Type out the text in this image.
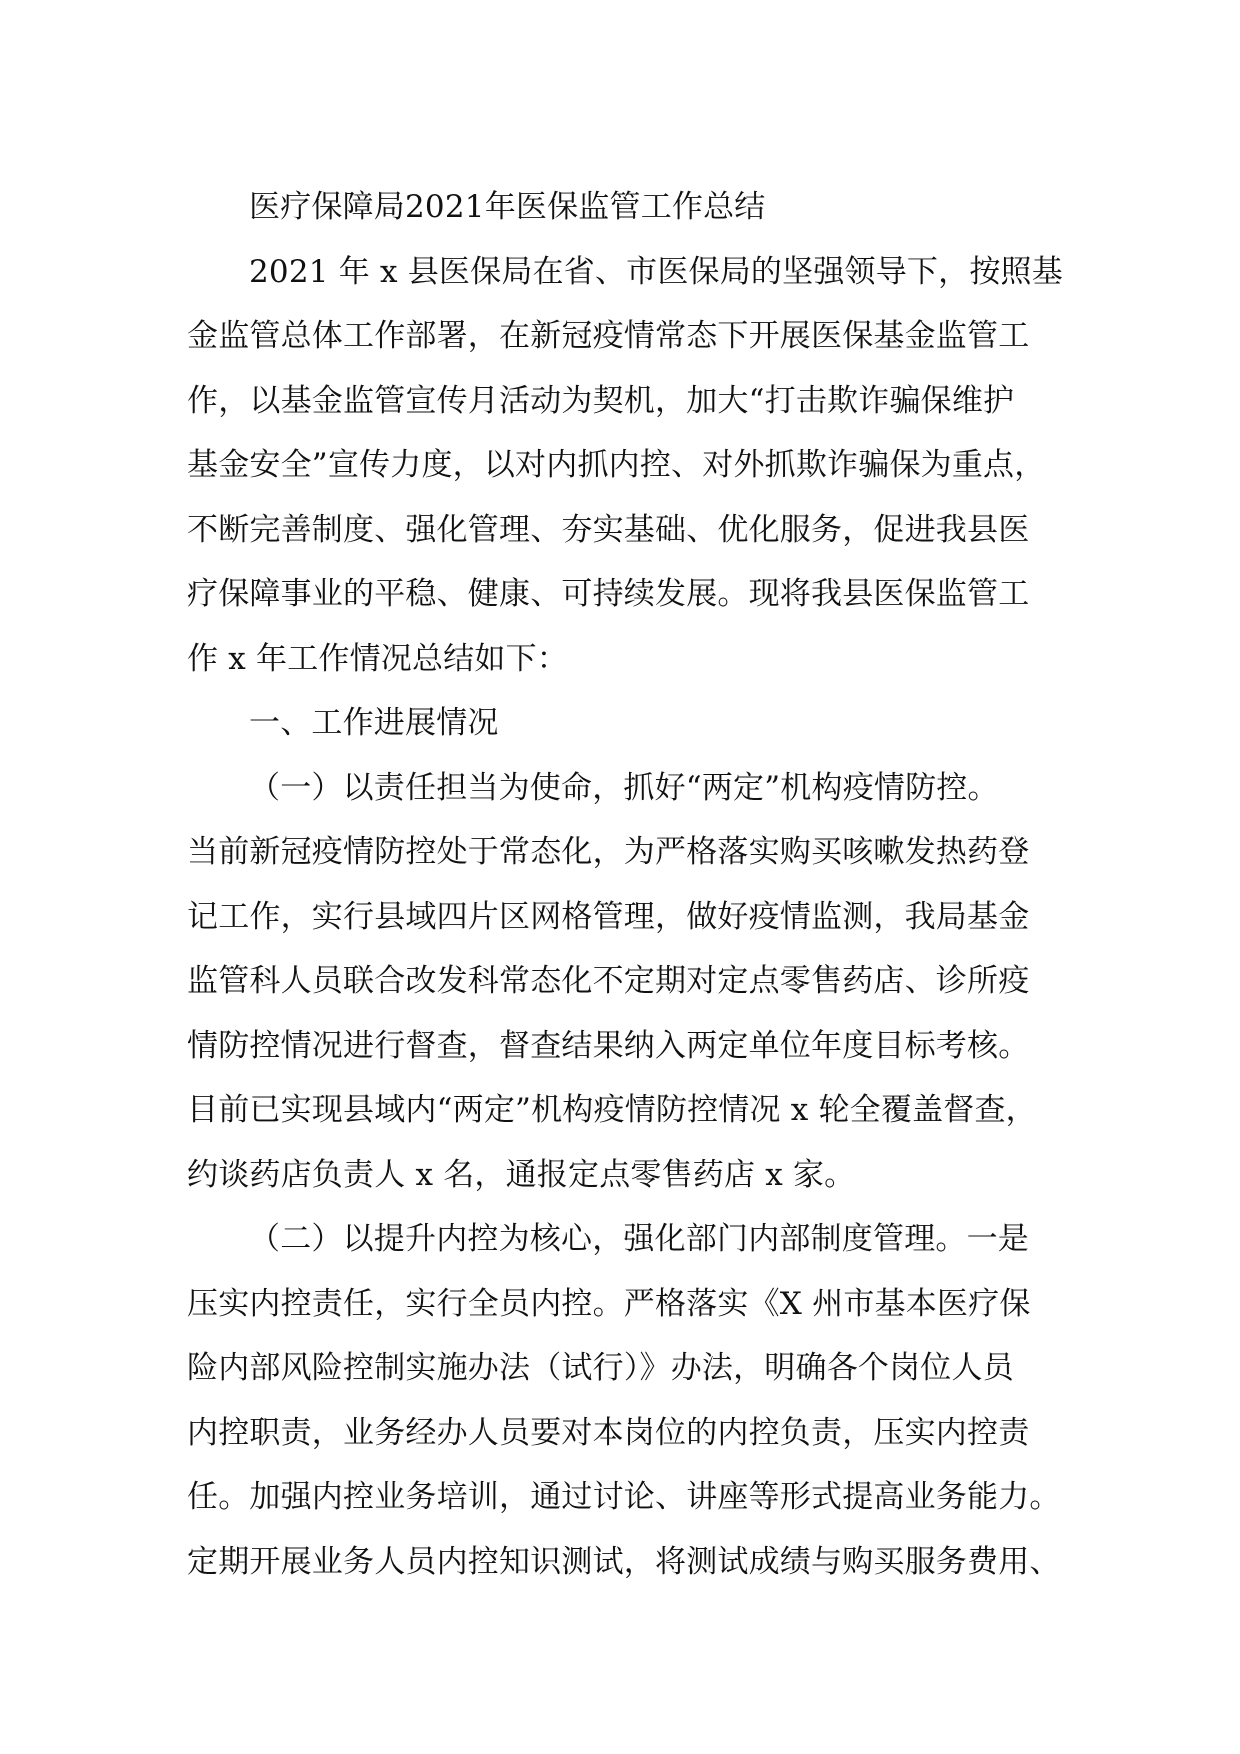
医疗保障局2021年医保监管工作总结
2021 年 x 县医保局在省、市医保局的坚强领导下，按照基
金监管总体工作部署，在新冠疫情常态下开展医保基金监管工
作，以基金监管宣传月活动为契机，加大“打击欺诈骗保维护
基金安全”宣传力度，以对内抓内控、对外抓欺诈骗保为重点，
不断完善制度、强化管理、夯实基础、优化服务，促进我县医
疗保障事业的平稳、健康、可持续发展。现将我县医保监管工
作 x 年工作情况总结如下：
一、工作进展情况
（一）以责任担当为使命，抓好“两定”机构疫情防控。
当前新冠疫情防控处于常态化，为严格落实购买咳嗽发热药登
记工作，实行县域四片区网格管理，做好疫情监测，我局基金
监管科人员联合改发科常态化不定期对定点零售药店、诊所疫
情防控情况进行督查，督查结果纳入两定单位年度目标考核。
目前已实现县域内“两定”机构疫情防控情况 x 轮全覆盖督查，
约谈药店负责人 x 名，通报定点零售药店 x 家。
（二）以提升内控为核心，强化部门内部制度管理。一是
压实内控责任，实行全员内控。严格落实《X 州市基本医疗保
险内部风险控制实施办法（试行）》办法，明确各个岗位人员
内控职责，业务经办人员要对本岗位的内控负责，压实内控责
任。加强内控业务培训，通过讨论、讲座等形式提高业务能力。
定期开展业务人员内控知识测试，将测试成绩与购买服务费用、
